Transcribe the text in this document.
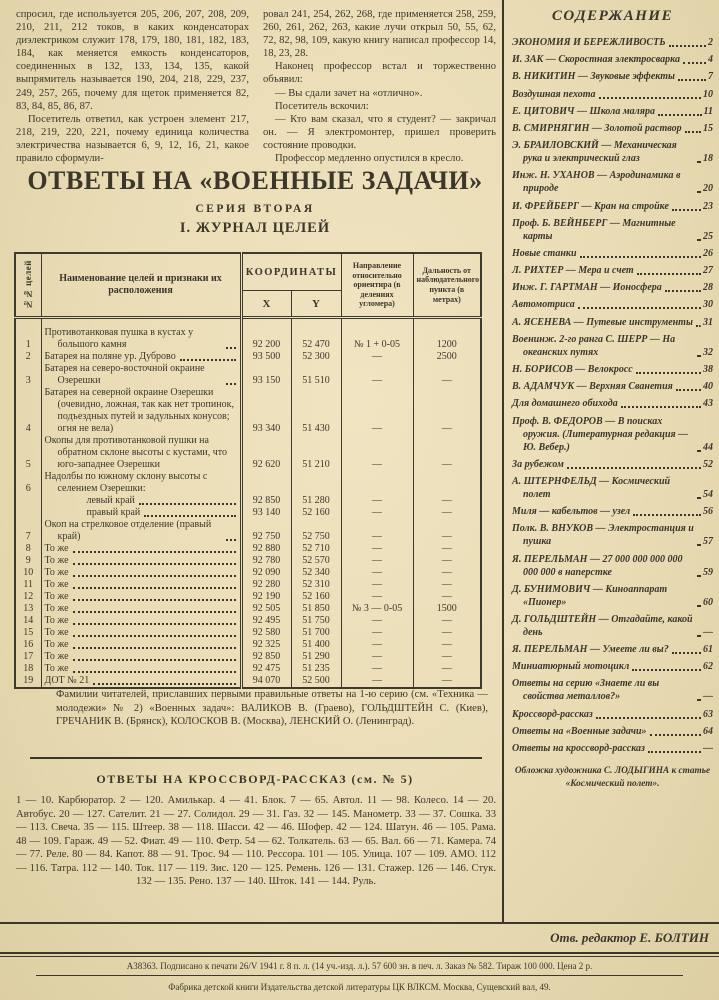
спросил, где используется 205, 206, 207, 208, 209, 210, 211, 212 токов, в каких конденсаторах диэлектриком служит 178, 179, 180, 181, 182, 183, 184, как меняется емкость конденсаторов, соединенных в 132, 133, 134, 135, какой выпрямитель называется 190, 204, 218, 229, 237, 249, 257, 265, почему для щеток применяется 82, 83, 84, 85, 86, 87.

Посетитель ответил, как устроен элемент 217, 218, 219, 220, 221, почему единица количества электричества называется 6, 9, 12, 16, 21, какое правило сформули-

ровал 241, 254, 262, 268, где применяется 258, 259, 260, 261, 262, 263, какие лучи открыл 50, 55, 62, 72, 82, 98, 109, какую книгу написал профессор 14, 18, 23, 28.

Наконец профессор встал и торжественно объявил:

— Вы сдали зачет на «отлично».

Посетитель вскочил:

— Кто вам сказал, что я студент? — закричал он. — Я электромонтер, пришел проверить состояние проводки.

Профессор медленно опустился в кресло.

ОТВЕТЫ НА «ВОЕННЫЕ ЗАДАЧИ»
СЕРИЯ ВТОРАЯ
I. ЖУРНАЛ ЦЕЛЕЙ
№№ целей	Наименование целей и признаки их расположения	КООРДИНАТЫ		Направление относительно ориентира (в делениях угломера)	Дальность от наблюдательного пункта (в метрах)
		X	Y		
1	Противотанковая пушка в кустах у большого камня	92 200	52 470	№ 1 + 0-05	1200
2	Батарея на поляне ур. Дуброво	93 500	52 300	—	2500
3	Батарея на северо-восточной окраине Озерешки	93 150	51 510	—	—
4	Батарея на северной окраине Озерешки (очевидно, ложная, так как нет тропинок, подъездных путей и задульных конусов; огня не вела)	93 340	51 430	—	—
5	Окопы для противотанковой пушки на обратном склоне высоты с кустами, что юго-западнее Озерешки	92 620	51 210	—	—
6	Надолбы по южному склону высоты с селением Озерешки:				

	левый край	92 850	51 280	—	—

	правый край	93 140	52 160	—	—
7	Окоп на стрелковое отделение (правый край)	92 750	52 750	—	—
8	То же	92 880	52 710	—	—
9	То же	92 780	52 570	—	—
10	То же	92 090	52 340	—	—
11	То же	92 280	52 310	—	—
12	То же	92 190	52 160	—	—
13	То же	92 505	51 850	№ 3 — 0-05	1500
14	То же	92 495	51 750	—	—
15	То же	92 580	51 700	—	—
16	То же	92 325	51 400	—	—
17	То же	92 850	51 290	—	—
18	То же	92 475	51 235	—	—
19	ДОТ № 21	94 070	52 500	—	—
Фамилии читателей, приславших первыми правильные ответы на 1-ю серию (см. «Техника — молодежи» № 2) «Военных задач»: ВАЛИКОВ В. (Граево), ГОЛЬДШТЕЙН С. (Киев), ГРЕЧАНИК В. (Брянск), КОЛОСКОВ В. (Москва), ЛЕНСКИЙ О. (Ленинград).
ОТВЕТЫ НА КРОССВОРД-РАССКАЗ (см. № 5)
1 — 10. Карбюратор. 2 — 120. Амилькар. 4 — 41. Блок. 7 — 65. Автол. 11 — 98. Колесо. 14 — 20. Автобус. 20 — 127. Сателит. 21 — 27. Солидол. 29 — 31. Газ. 32 — 145. Манометр. 33 — 37. Сошка. 33 — 113. Свеча. 35 — 115. Штеер. 38 — 118. Шасси. 42 — 46. Шофер. 42 — 124. Шатун. 46 — 105. Рама. 48 — 109. Гараж. 49 — 52. Фиат. 49 — 110. Фетр. 54 — 62. Толкатель. 63 — 65. Вал. 66 — 71. Камера. 74 — 77. Реле. 80 — 84. Капот. 88 — 91. Трос. 94 — 110. Рессора. 101 — 105. Улица. 107 — 109. АМО. 112 — 116. Татра. 112 — 140. Ток. 117 — 119. Зис. 120 — 125. Ремень. 126 — 131. Стажер. 126 — 146. Стук. 132 — 135. Рено. 137 — 140. Шток. 141 — 144. Руль.
СОДЕРЖАНИЕ
ЭКОНОМИЯ И БЕРЕЖЛИВОСТЬ	2
И. ЗАК — Скоростная электросварка	4
В. НИКИТИН — Звуковые эффекты	7
Воздушная пехота	10
Е. ЦИТОВИЧ — Школа маляра	11
В. СМИРНЯГИН — Золотой раствор 15
Э. БРАИЛОВСКИЙ — Механическая рука и электрический глаз	18
Инж. Н. УХАНОВ — Аэродинамика в природе	20
И. ФРЕЙБЕРГ — Кран на стройке	23
Проф. Б. ВЕЙНБЕРГ — Магнитные карты	25
Новые станки	26
Л. РИХТЕР — Мера и счет	27
Инж. Г. ГАРТМАН — Ионосфера	28
Автомотриса	30
А. ЯСЕНЕВА — Путевые инструменты 31
Военинж. 2-го ранга С. ШЕРР — На океанских путях	32
Н. БОРИСОВ — Велокросс	38
В. АДАМЧУК — Верхняя Сванетия	40
Для домашнего обихода	43
Проф. В. ФЕДОРОВ — В поисках оружия. (Литературная редакция — Ю. Вебер.)	44
За рубежом	52
А. ШТЕРНФЕЛЬД — Космический полет	54
Миля — кабельтов — узел	56
Полк. В. ВНУКОВ — Электростанция и пушка	57
Я. ПЕРЕЛЬМАН — 27 000 000 000 000 000 000 в наперстке	59
Д. БУНИМОВИЧ — Киноаппарат «Пионер»	60
Д. ГОЛЬДШТЕЙН — Отгадайте, какой день	—
Я. ПЕРЕЛЬМАН — Умеете ли вы?	61
Миниатюрный мотоцикл	62
Ответы на серию «Знаете ли вы свойства металлов?»	—
Кроссворд-рассказ	63
Ответы на «Военные задачи»	64
Ответы на кроссворд-рассказ	—
Обложка художника С. ЛОДЫГИНА к статье «Космический полет».
Отв. редактор Е. БОЛТИН
А38363. Подписано к печати 26/V 1941 г. 8 п. л. (14 уч.-изд. л.). 57 600 зн. в печ. л. Заказ № 582. Тираж 100 000. Цена 2 р.
Фабрика детской книги Издательства детской литературы ЦК ВЛКСМ. Москва, Сущевский вал, 49.
